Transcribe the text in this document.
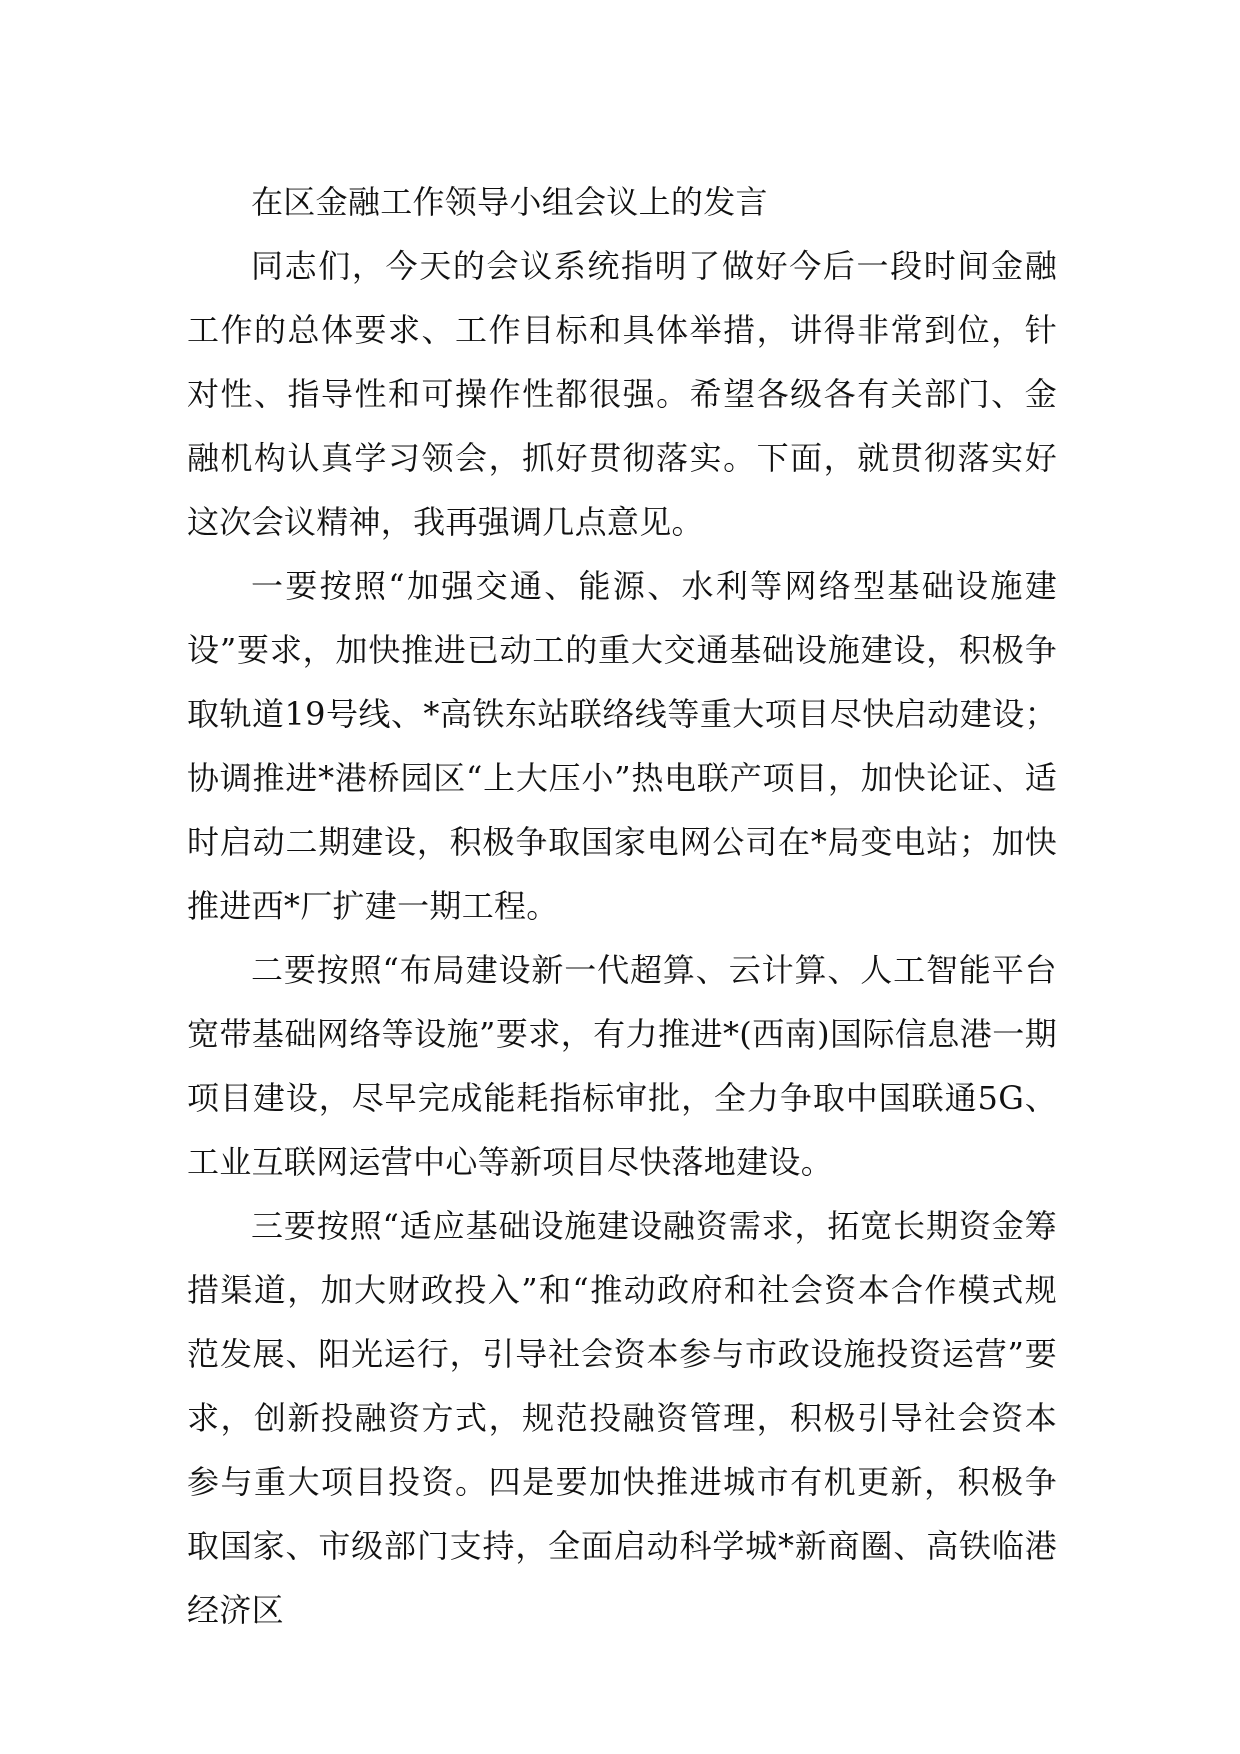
在区金融工作领导小组会议上的发言

同志们，今天的会议系统指明了做好今后一段时间金融工作的总体要求、工作目标和具体举措，讲得非常到位，针对性、指导性和可操作性都很强。希望各级各有关部门、金融机构认真学习领会，抓好贯彻落实。下面，就贯彻落实好这次会议精神，我再强调几点意见。

一要按照“加强交通、能源、水利等网络型基础设施建设”要求，加快推进已动工的重大交通基础设施建设，积极争取轨道19号线、*高铁东站联络线等重大项目尽快启动建设；协调推进*港桥园区“上大压小”热电联产项目，加快论证、适时启动二期建设，积极争取国家电网公司在*局变电站；加快推进西*厂扩建一期工程。

二要按照“布局建设新一代超算、云计算、人工智能平台宽带基础网络等设施”要求，有力推进*(西南)国际信息港一期项目建设，尽早完成能耗指标审批，全力争取中国联通5G、工业互联网运营中心等新项目尽快落地建设。

三要按照“适应基础设施建设融资需求，拓宽长期资金筹措渠道，加大财政投入”和“推动政府和社会资本合作模式规范发展、阳光运行，引导社会资本参与市政设施投资运营”要求，创新投融资方式，规范投融资管理，积极引导社会资本参与重大项目投资。四是要加快推进城市有机更新，积极争取国家、市级部门支持，全面启动科学城*新商圈、高铁临港经济区
